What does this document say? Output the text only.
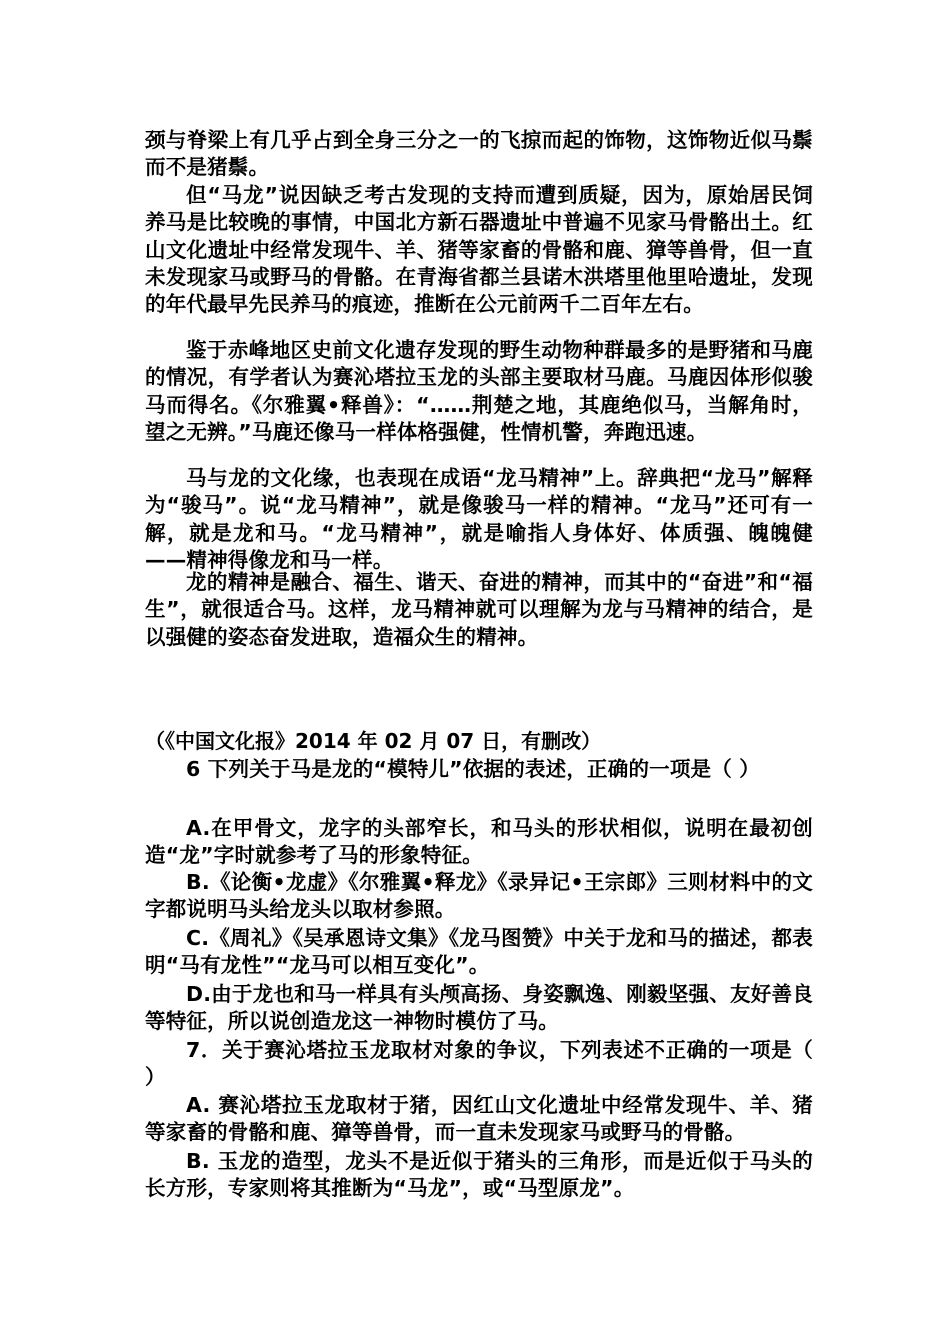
颈与脊梁上有几乎占到全身三分之一的飞掠而起的饰物，这饰物近似马鬃而不是猪鬃。

但“马龙”说因缺乏考古发现的支持而遭到质疑，因为，原始居民饲养马是比较晚的事情，中国北方新石器遗址中普遍不见家马骨骼出土。红山文化遗址中经常发现牛、羊、猪等家畜的骨骼和鹿、獐等兽骨，但一直未发现家马或野马的骨骼。在青海省都兰县诺木洪塔里他里哈遗址，发现的年代最早先民养马的痕迹，推断在公元前两千二百年左右。

鉴于赤峰地区史前文化遗存发现的野生动物种群最多的是野猪和马鹿的情况，有学者认为赛沁塔拉玉龙的头部主要取材马鹿。马鹿因体形似骏马而得名。《尔雅翼•释兽》：“……荆楚之地，其鹿绝似马，当解角时，望之无辨。”马鹿还像马一样体格强健，性情机警，奔跑迅速。

马与龙的文化缘，也表现在成语“龙马精神”上。辞典把“龙马”解释为“骏马”。说“龙马精神”，就是像骏马一样的精神。“龙马”还可有一解，就是龙和马。“龙马精神”，就是喻指人身体好、体质强、魄魄健 ——精神得像龙和马一样。

龙的精神是融合、福生、谐天、奋进的精神，而其中的“奋进”和“福生”，就很适合马。这样，龙马精神就可以理解为龙与马精神的结合，是以强健的姿态奋发进取，造福众生的精神。

（《中国文化报》2014 年 02 月 07 日，有删改）

6 下列关于马是龙的“模特儿”依据的表述，正确的一项是（ ）

A.在甲骨文，龙字的头部窄长，和马头的形状相似，说明在最初创造“龙”字时就参考了马的形象特征。

B.《论衡•龙虚》《尔雅翼•释龙》《录异记•王宗郎》三则材料中的文字都说明马头给龙头以取材参照。

C.《周礼》《吴承恩诗文集》《龙马图赞》中关于龙和马的描述，都表明“马有龙性”“龙马可以相互变化”。

D.由于龙也和马一样具有头颅高扬、身姿飘逸、刚毅坚强、友好善良等特征，所以说创造龙这一神物时模仿了马。

7．关于赛沁塔拉玉龙取材对象的争议，下列表述不正确的一项是（ ）

A. 赛沁塔拉玉龙取材于猪，因红山文化遗址中经常发现牛、羊、猪等家畜的骨骼和鹿、獐等兽骨，而一直未发现家马或野马的骨骼。

B. 玉龙的造型，龙头不是近似于猪头的三角形，而是近似于马头的长方形，专家则将其推断为“马龙”，或“马型原龙”。
